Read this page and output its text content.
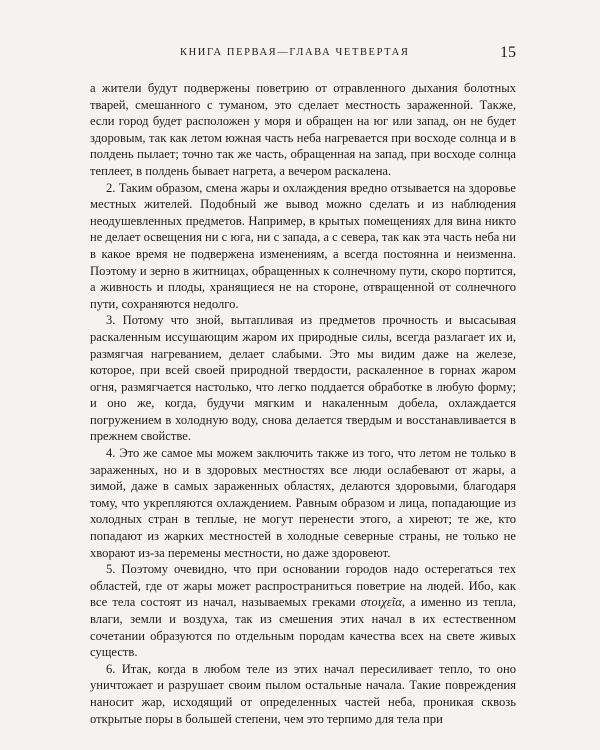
КНИГА ПЕРВАЯ—ГЛАВА ЧЕТВЕРТАЯ	15

а жители будут подвержены поветрию от отравленного дыхания болотных тварей, смешанного с туманом, это сделает местность зараженной. Также, если город будет расположен у моря и обращен на юг или запад, он не будет здоровым, так как летом южная часть неба нагревается при восходе солнца и в полдень пылает; точно так же часть, обращенная на запад, при восходе солнца теплеет, в полдень бывает нагрета, а вечером раскалена.

2. Таким образом, смена жары и охлаждения вредно отзывается на здоровье местных жителей. Подобный же вывод можно сделать и из наблюдения неодушевленных предметов. Например, в крытых помещениях для вина никто не делает освещения ни с юга, ни с запада, а с севера, так как эта часть неба ни в какое время не подвержена изменениям, а всегда постоянна и неизменна. Поэтому и зерно в житницах, обращенных к солнечному пути, скоро портится, а живность и плоды, хранящиеся не на стороне, отвращенной от солнечного пути, сохраняются недолго.

3. Потому что зной, вытапливая из предметов прочность и высасывая раскаленным иссушающим жаром их природные силы, всегда разлагает их и, размягчая нагреванием, делает слабыми. Это мы видим даже на железе, которое, при всей своей природной твердости, раскаленное в горнах жаром огня, размягчается настолько, что легко поддается обработке в любую форму; и оно же, когда, будучи мягким и накаленным добела, охлаждается погружением в холодную воду, снова делается твердым и восстанавливается в прежнем свойстве.

4. Это же самое мы можем заключить также из того, что летом не только в зараженных, но и в здоровых местностях все люди ослабевают от жары, а зимой, даже в самых зараженных областях, делаются здоровыми, благодаря тому, что укрепляются охлаждением. Равным образом и лица, попадающие из холодных стран в теплые, не могут перенести этого, а хиреют; те же, кто попадают из жарких местностей в холодные северные страны, не только не хворают из-за перемены местности, но даже здоровеют.

5. Поэтому очевидно, что при основании городов надо остерегаться тех областей, где от жары может распространиться поветрие на людей. Ибо, как все тела состоят из начал, называемых греками στοιχεῖα, а именно из тепла, влаги, земли и воздуха, так из смешения этих начал в их естественном сочетании образуются по отдельным породам качества всех на свете живых существ.

6. Итак, когда в любом теле из этих начал пересиливает тепло, то оно уничтожает и разрушает своим пылом остальные начала. Такие повреждения наносит жар, исходящий от определенных частей неба, проникая сквозь открытые поры в большей степени, чем это терпимо для тела при
